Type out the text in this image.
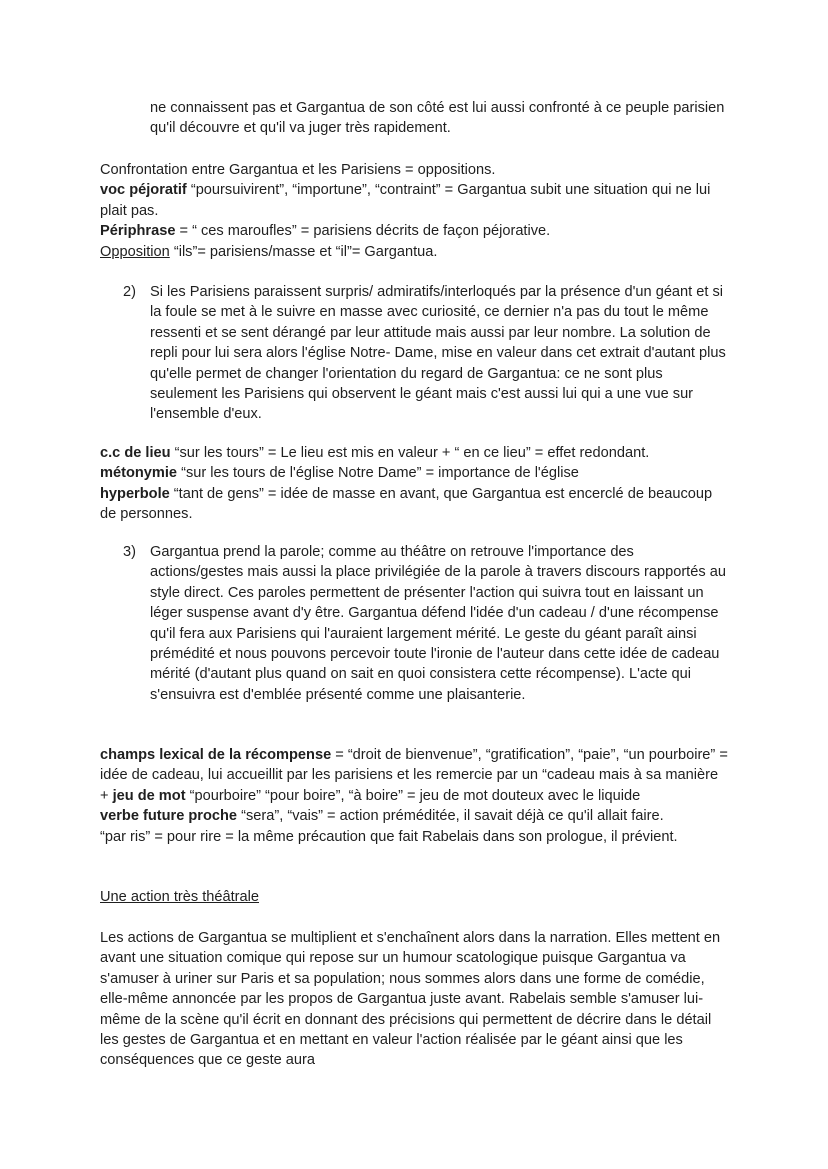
ne connaissent pas et Gargantua de son côté est lui aussi confronté à ce peuple parisien qu'il découvre et qu'il va juger très rapidement.

Confrontation entre Gargantua et les Parisiens = oppositions.

voc péjoratif “poursuivirent”, “importune”, “contraint” = Gargantua subit une situation qui ne lui plait pas.

Périphrase = “ ces maroufles” = parisiens décrits de façon péjorative.

Opposition “ils”= parisiens/masse et “il”= Gargantua.

2) Si les Parisiens paraissent surpris/ admiratifs/interloqués par la présence d'un géant et si la foule se met à le suivre en masse avec curiosité, ce dernier n'a pas du tout le même ressenti et se sent dérangé par leur attitude mais aussi par leur nombre. La solution de repli pour lui sera alors l'église Notre- Dame, mise en valeur dans cet extrait d'autant plus qu'elle permet de changer l'orientation du regard de Gargantua: ce ne sont plus seulement les Parisiens qui observent le géant mais c'est aussi lui qui a une vue sur l'ensemble d'eux.

c.c de lieu “sur les tours” = Le lieu est mis en valeur + “ en ce lieu” = effet redondant.

métonymie “sur les tours de l'église Notre Dame” = importance de l'église

hyperbole “tant de gens” = idée de masse en avant, que Gargantua est encerclé de beaucoup de personnes.

3) Gargantua prend la parole; comme au théâtre on retrouve l'importance des actions/gestes mais aussi la place privilégiée de la parole à travers discours rapportés au style direct. Ces paroles permettent de présenter l'action qui suivra tout en laissant un léger suspense avant d'y être. Gargantua défend l'idée d'un cadeau / d'une récompense qu'il fera aux Parisiens qui l'auraient largement mérité. Le geste du géant paraît ainsi prémédité et nous pouvons percevoir toute l'ironie de l'auteur dans cette idée de cadeau mérité (d'autant plus quand on sait en quoi consistera cette récompense). L'acte qui s'ensuivra est d'emblée présenté comme une plaisanterie.

champs lexical de la récompense = “droit de bienvenue”, “gratification”, “paie”, “un pourboire” = idée de cadeau, lui accueillit par les parisiens et les remercie par un “cadeau mais à sa manière + jeu de mot “pourboire” “pour boire”, “à boire” = jeu de mot douteux avec le liquide

verbe future proche “sera”, “vais” = action préméditée, il savait déjà ce qu'il allait faire.

“par ris” = pour rire = la même précaution que fait Rabelais dans son prologue, il prévient.

Une action très théâtrale

Les actions de Gargantua se multiplient et s'enchaînent alors dans la narration. Elles mettent en avant une situation comique qui repose sur un humour scatologique puisque Gargantua va s'amuser à uriner sur Paris et sa population; nous sommes alors dans une forme de comédie, elle-même annoncée par les propos de Gargantua juste avant. Rabelais semble s'amuser lui-même de la scène qu'il écrit en donnant des précisions qui permettent de décrire dans le détail les gestes de Gargantua et en mettant en valeur l'action réalisée par le géant ainsi que les conséquences que ce geste aura
